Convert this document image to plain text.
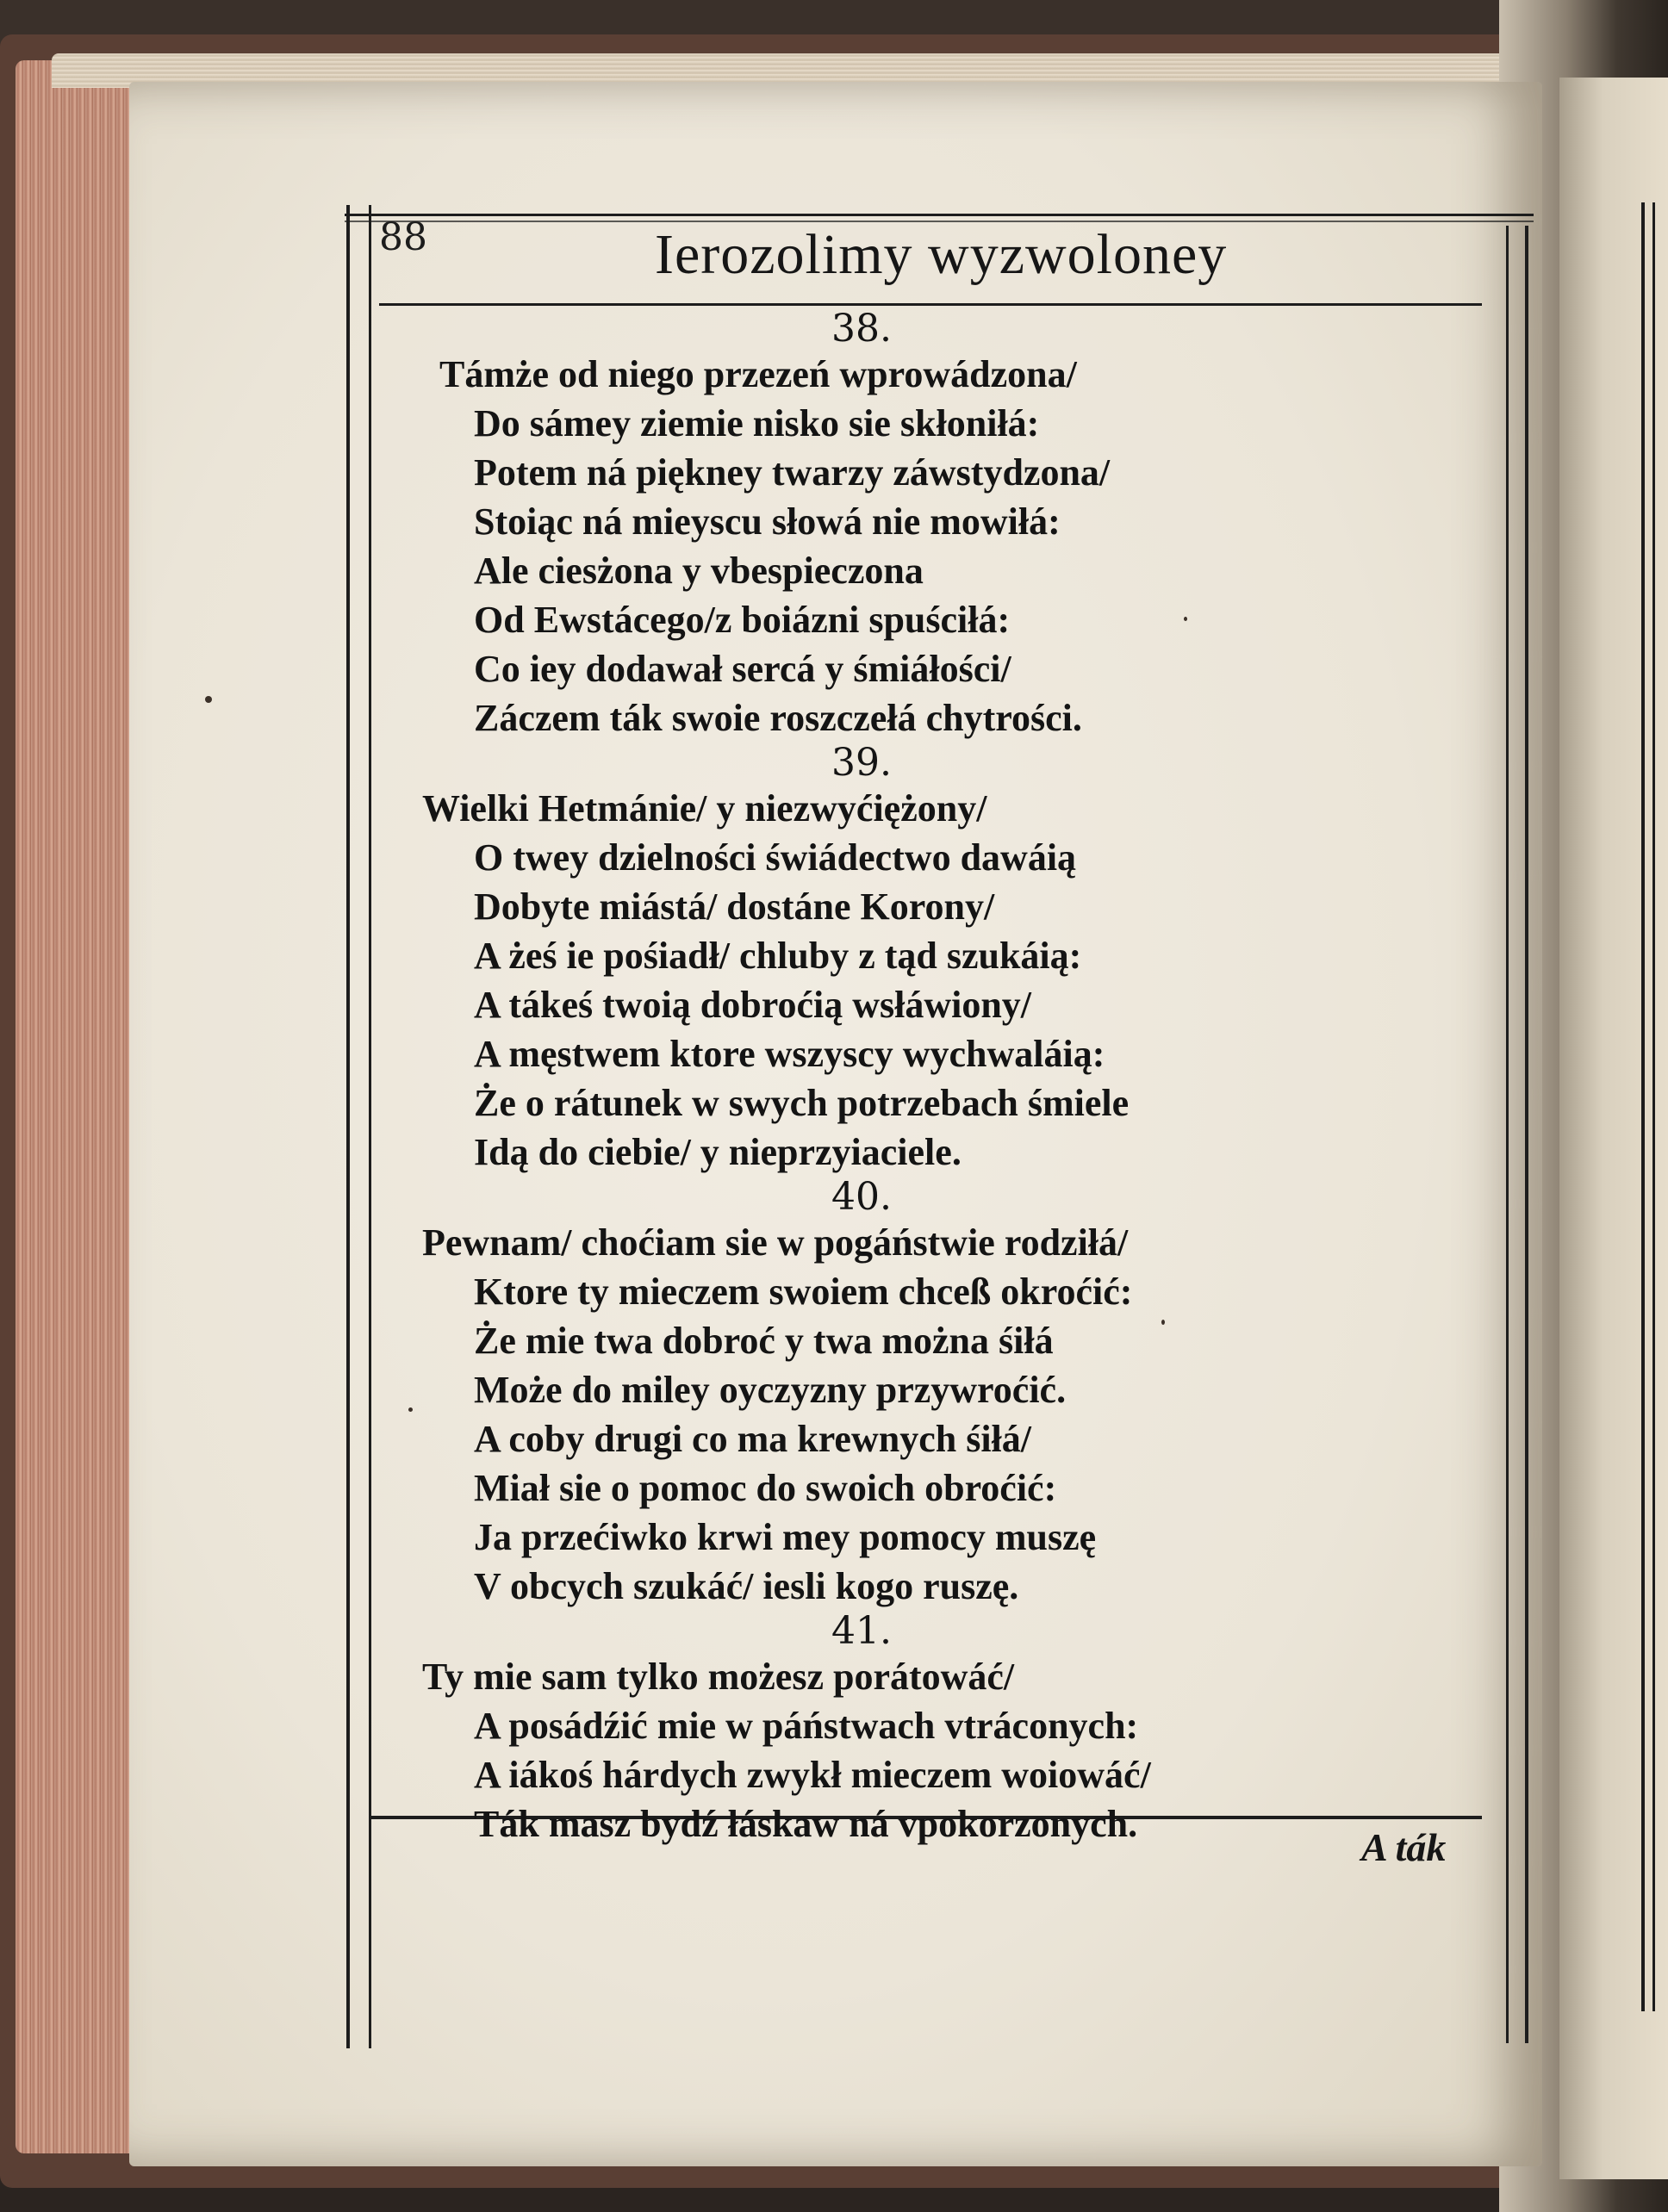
88	Ierozolimy wyzwoloney
38.
Támże od niego przezeń wprowádzona/
Do sámey ziemie nisko sie skłoniłá:
Potem ná piękney twarzy záwstydzona/
Stoiąc ná mieyscu słowá nie mowiłá:
Ale ciesżona y vbespieczona
Od Ewstácego/z boiázni spuściłá:
Co iey dodawał sercá y śmiáłości/
Záczem ták swoie roszczełá chytrości.
39.
Wielki Hetmánie/ y niezwyćiężony/
O twey dzielności świádectwo dawáią
Dobyte miástá/ dostáne Korony/
A żeś ie pośiadł/ chluby z tąd szukáią:
A tákeś twoią dobroćią wsłáwiony/
A męstwem ktore wszyscy wychwaláią:
Że o rátunek w swych potrzebach śmiele
Idą do ciebie/ y nieprzyiaciele.
40.
Pewnam/ choćiam sie w pogáństwie rodziłá/
Ktore ty mieczem swoiem chceß okroćić:
Że mie twa dobroć y twa można śiłá
Może do miley oyczyzny przywroćić.
A coby drugi co ma krewnych śiłá/
Miał sie o pomoc do swoich obroćić:
Ja przećiwko krwi mey pomocy muszę
V obcych szukáć/ iesli kogo ruszę.
41.
Ty mie sam tylko możesz porátowáć/
A posádźić mie w páństwach vtráconych:
A iákoś hárdych zwykł mieczem woiowáć/
Ták masz bydź łáskaw ná vpokorzonych.
A ták
